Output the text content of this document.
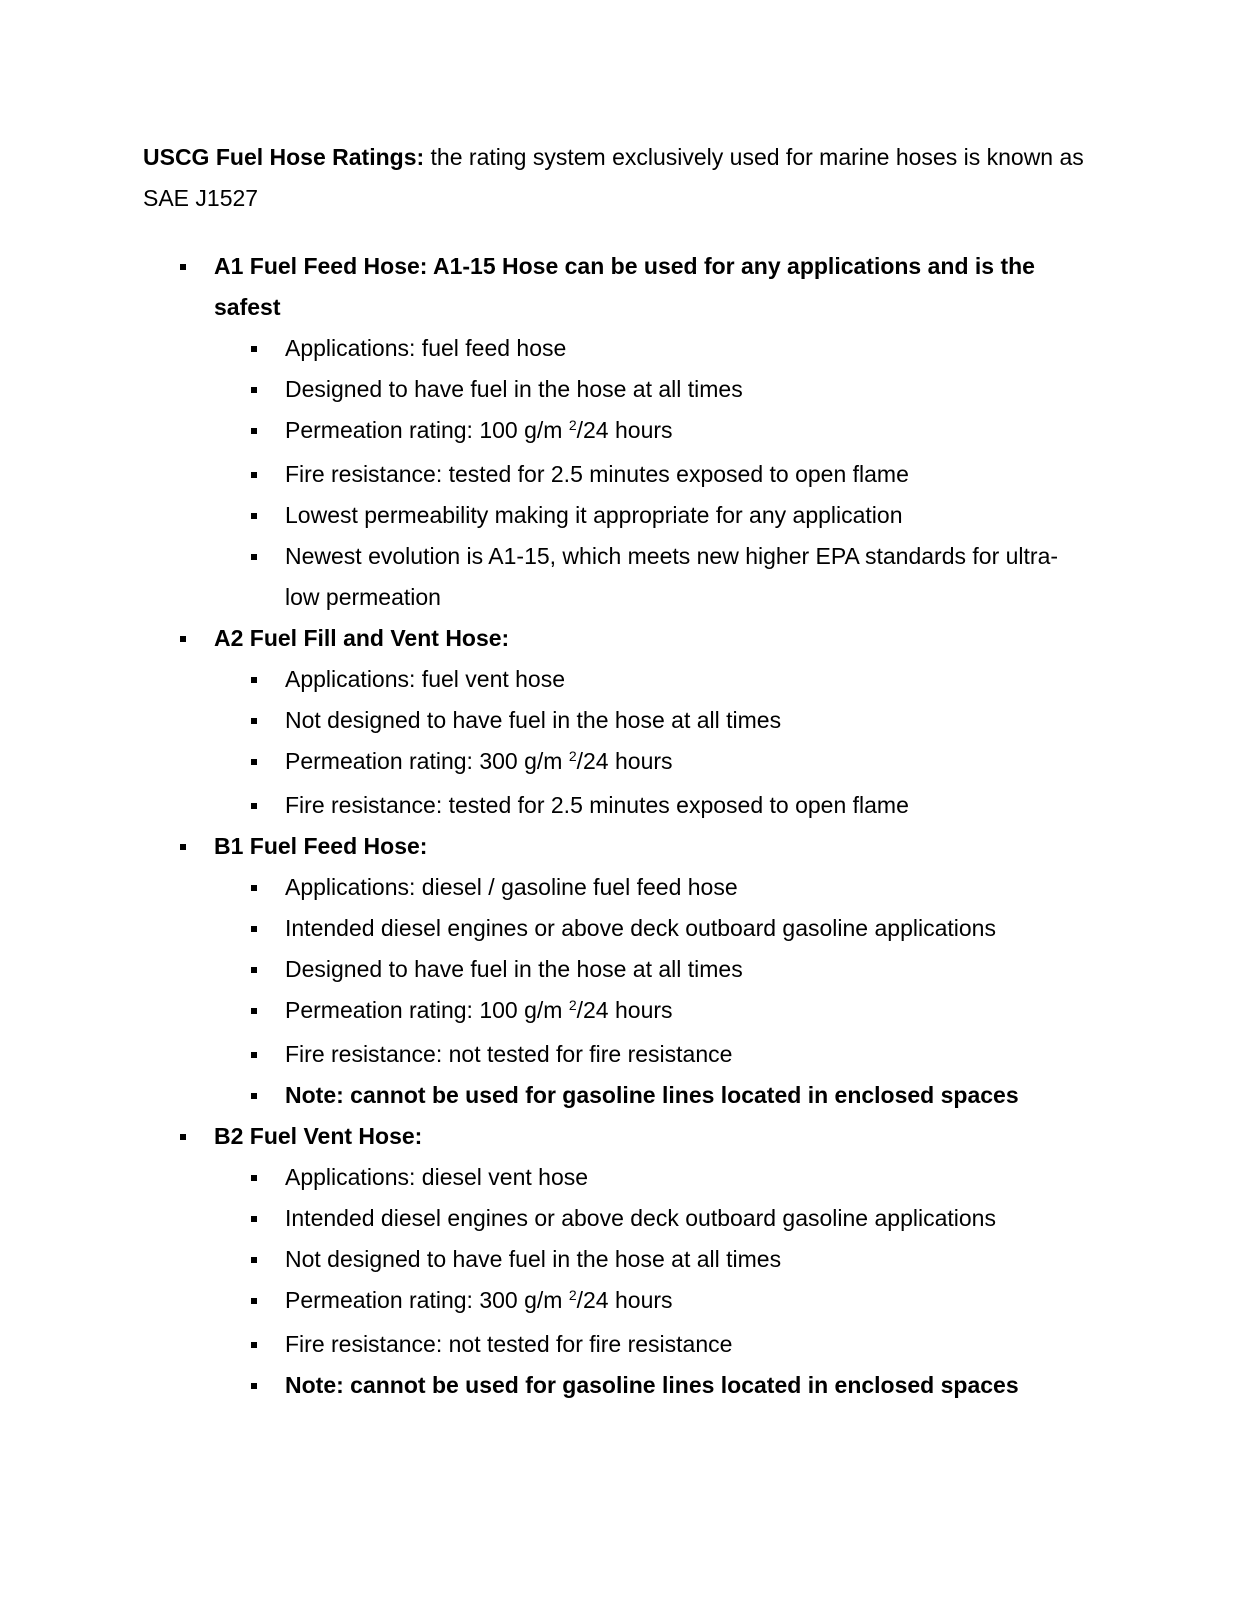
USCG Fuel Hose Ratings: the rating system exclusively used for marine hoses is known as SAE J1527

A1 Fuel Feed Hose: A1-15 Hose can be used for any applications and is the safest
Applications: fuel feed hose
Designed to have fuel in the hose at all times
Permeation rating: 100 g/m $^2$/24 hours
Fire resistance: tested for 2.5 minutes exposed to open flame
Lowest permeability making it appropriate for any application
Newest evolution is A1-15, which meets new higher EPA standards for ultra-low permeation
A2 Fuel Fill and Vent Hose:
Applications: fuel vent hose
Not designed to have fuel in the hose at all times
Permeation rating: 300 g/m $^2$/24 hours
Fire resistance: tested for 2.5 minutes exposed to open flame
B1 Fuel Feed Hose:
Applications: diesel / gasoline fuel feed hose
Intended diesel engines or above deck outboard gasoline applications
Designed to have fuel in the hose at all times
Permeation rating: 100 g/m $^2$/24 hours
Fire resistance: not tested for fire resistance
Note: cannot be used for gasoline lines located in enclosed spaces
B2 Fuel Vent Hose:
Applications: diesel vent hose
Intended diesel engines or above deck outboard gasoline applications
Not designed to have fuel in the hose at all times
Permeation rating: 300 g/m $^2$/24 hours
Fire resistance: not tested for fire resistance
Note: cannot be used for gasoline lines located in enclosed spaces
